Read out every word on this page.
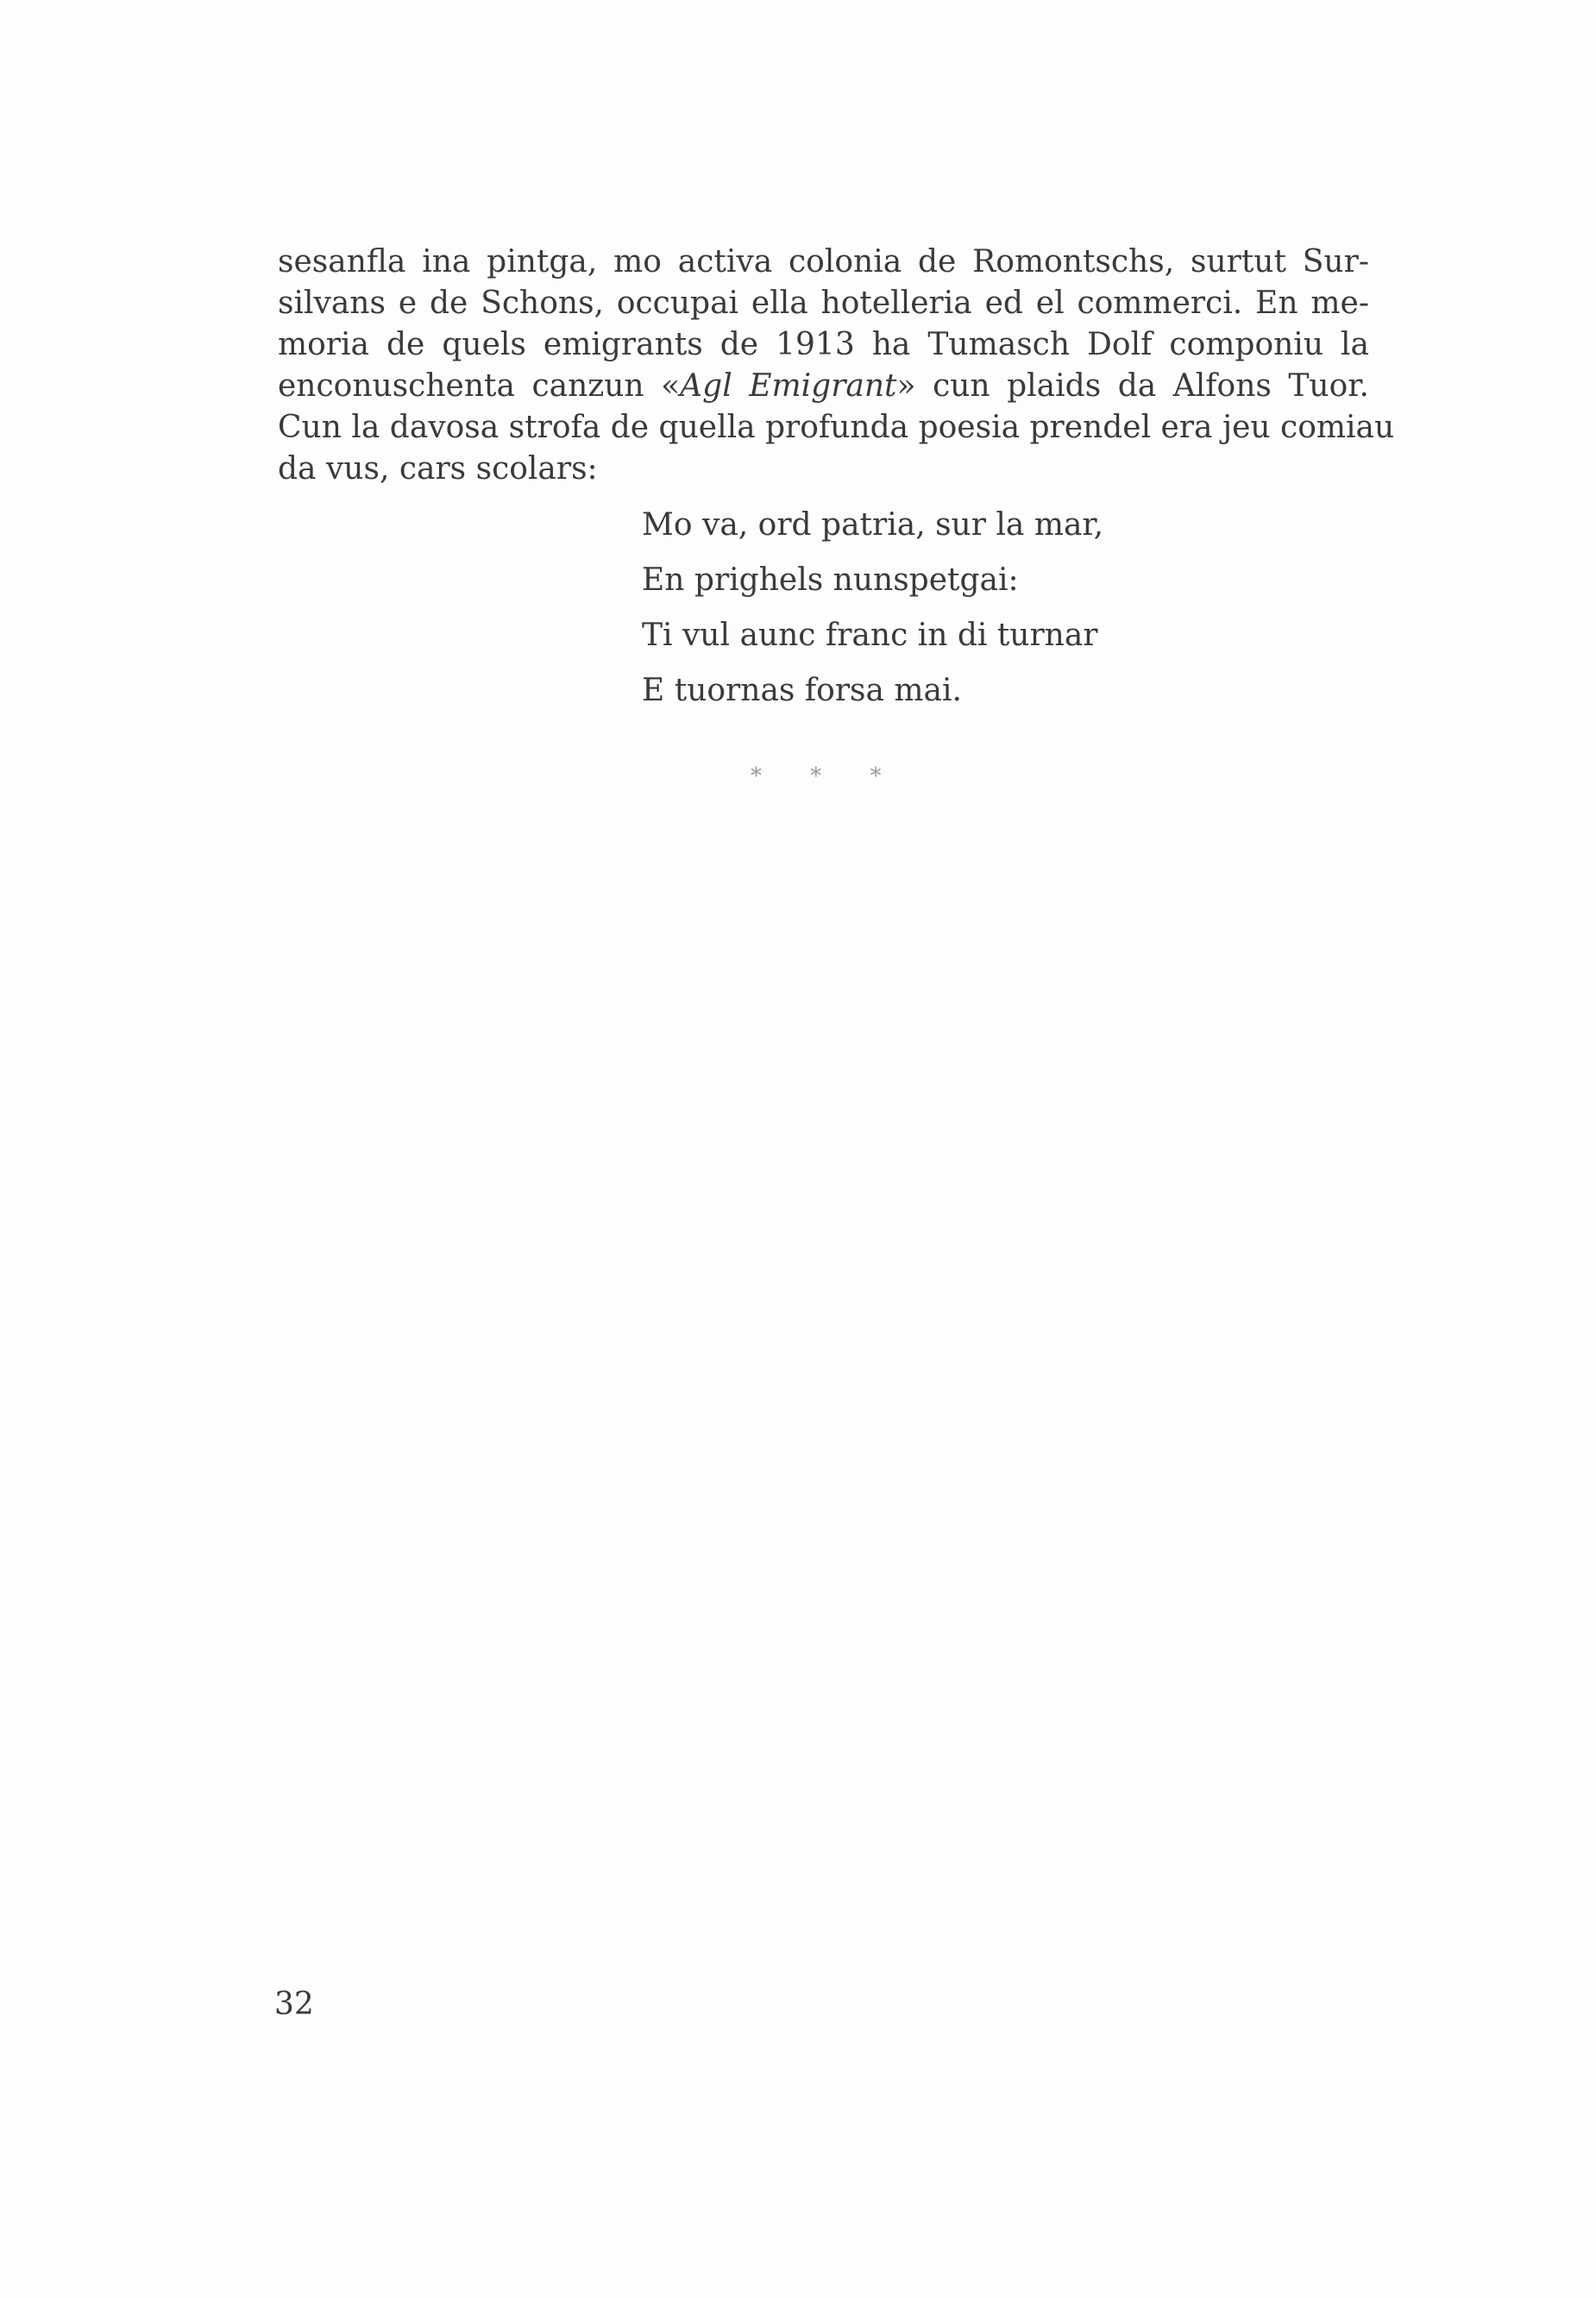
sesanfla ina pintga, mo activa colonia de Romontschs, surtut Sur-
silvans e de Schons, occupai ella hotelleria ed el commerci. En me-
moria de quels emigrants de 1913 ha Tumasch Dolf componiu la
enconuschenta canzun «Agl Emigrant» cun plaids da Alfons Tuor.
Cun la davosa strofa de quella profunda poesia prendel era jeu comiau
da vus, cars scolars:
Mo va, ord patria, sur la mar,
En prighels nunspetgai:
Ti vul aunc franc in di turnar
E tuornas forsa mai.
* * *
32
